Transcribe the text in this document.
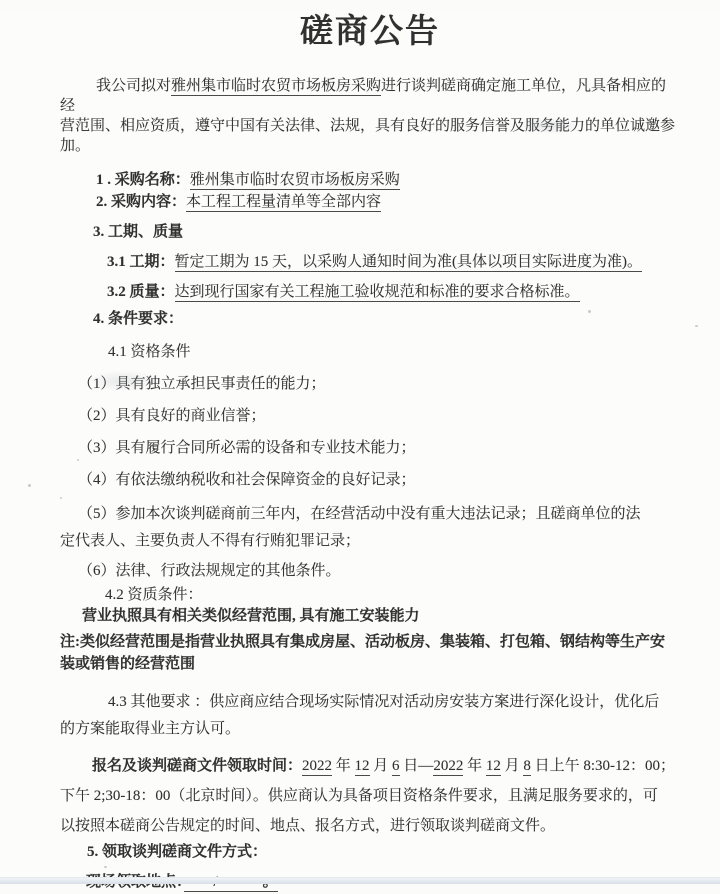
磋商公告

我公司拟对雅州集市临时农贸市场板房采购进行谈判磋商确定施工单位，凡具备相应的经
营范围、相应资质，遵守中国有关法律、法规，具有良好的服务信誉及服务能力的单位诚邀参
加。

1 . 采购名称：雅州集市临时农贸市场板房采购

2. 采购内容：本工程工程量清单等全部内容

3. 工期、质量

3.1 工期：暂定工期为 15 天，以采购人通知时间为准(具体以项目实际进度为准)。

3.2 质量：达到现行国家有关工程施工验收规范和标准的要求合格标准。

4. 条件要求：

4.1 资格条件

（1）具有独立承担民事责任的能力；

（2）具有良好的商业信誉；

（3）具有履行合同所必需的设备和专业技术能力；

（4）有依法缴纳税收和社会保障资金的良好记录；

（5）参加本次谈判磋商前三年内，在经营活动中没有重大违法记录；且磋商单位的法
定代表人、主要负责人不得有行贿犯罪记录；

（6）法律、行政法规规定的其他条件。

4.2 资质条件：

营业执照具有相关类似经营范围, 具有施工安装能力

注:类似经营范围是指营业执照具有集成房屋、活动板房、集装箱、打包箱、钢结构等生产安
装或销售的经营范围

4.3 其他要求 ：供应商应结合现场实际情况对活动房安装方案进行深化设计，优化后
的方案能取得业主方认可。

报名及谈判磋商文件领取时间：2022 年 12 月 6 日—2022 年 12 月 8 日上午 8:30-12：00；
下午 2;30-18：00（北京时间）。供应商认为具备项目资格条件要求，且满足服务要求的，可
以按照本磋商公告规定的时间、地点、报名方式，进行领取谈判磋商文件。

5. 领取谈判磋商文件方式：
